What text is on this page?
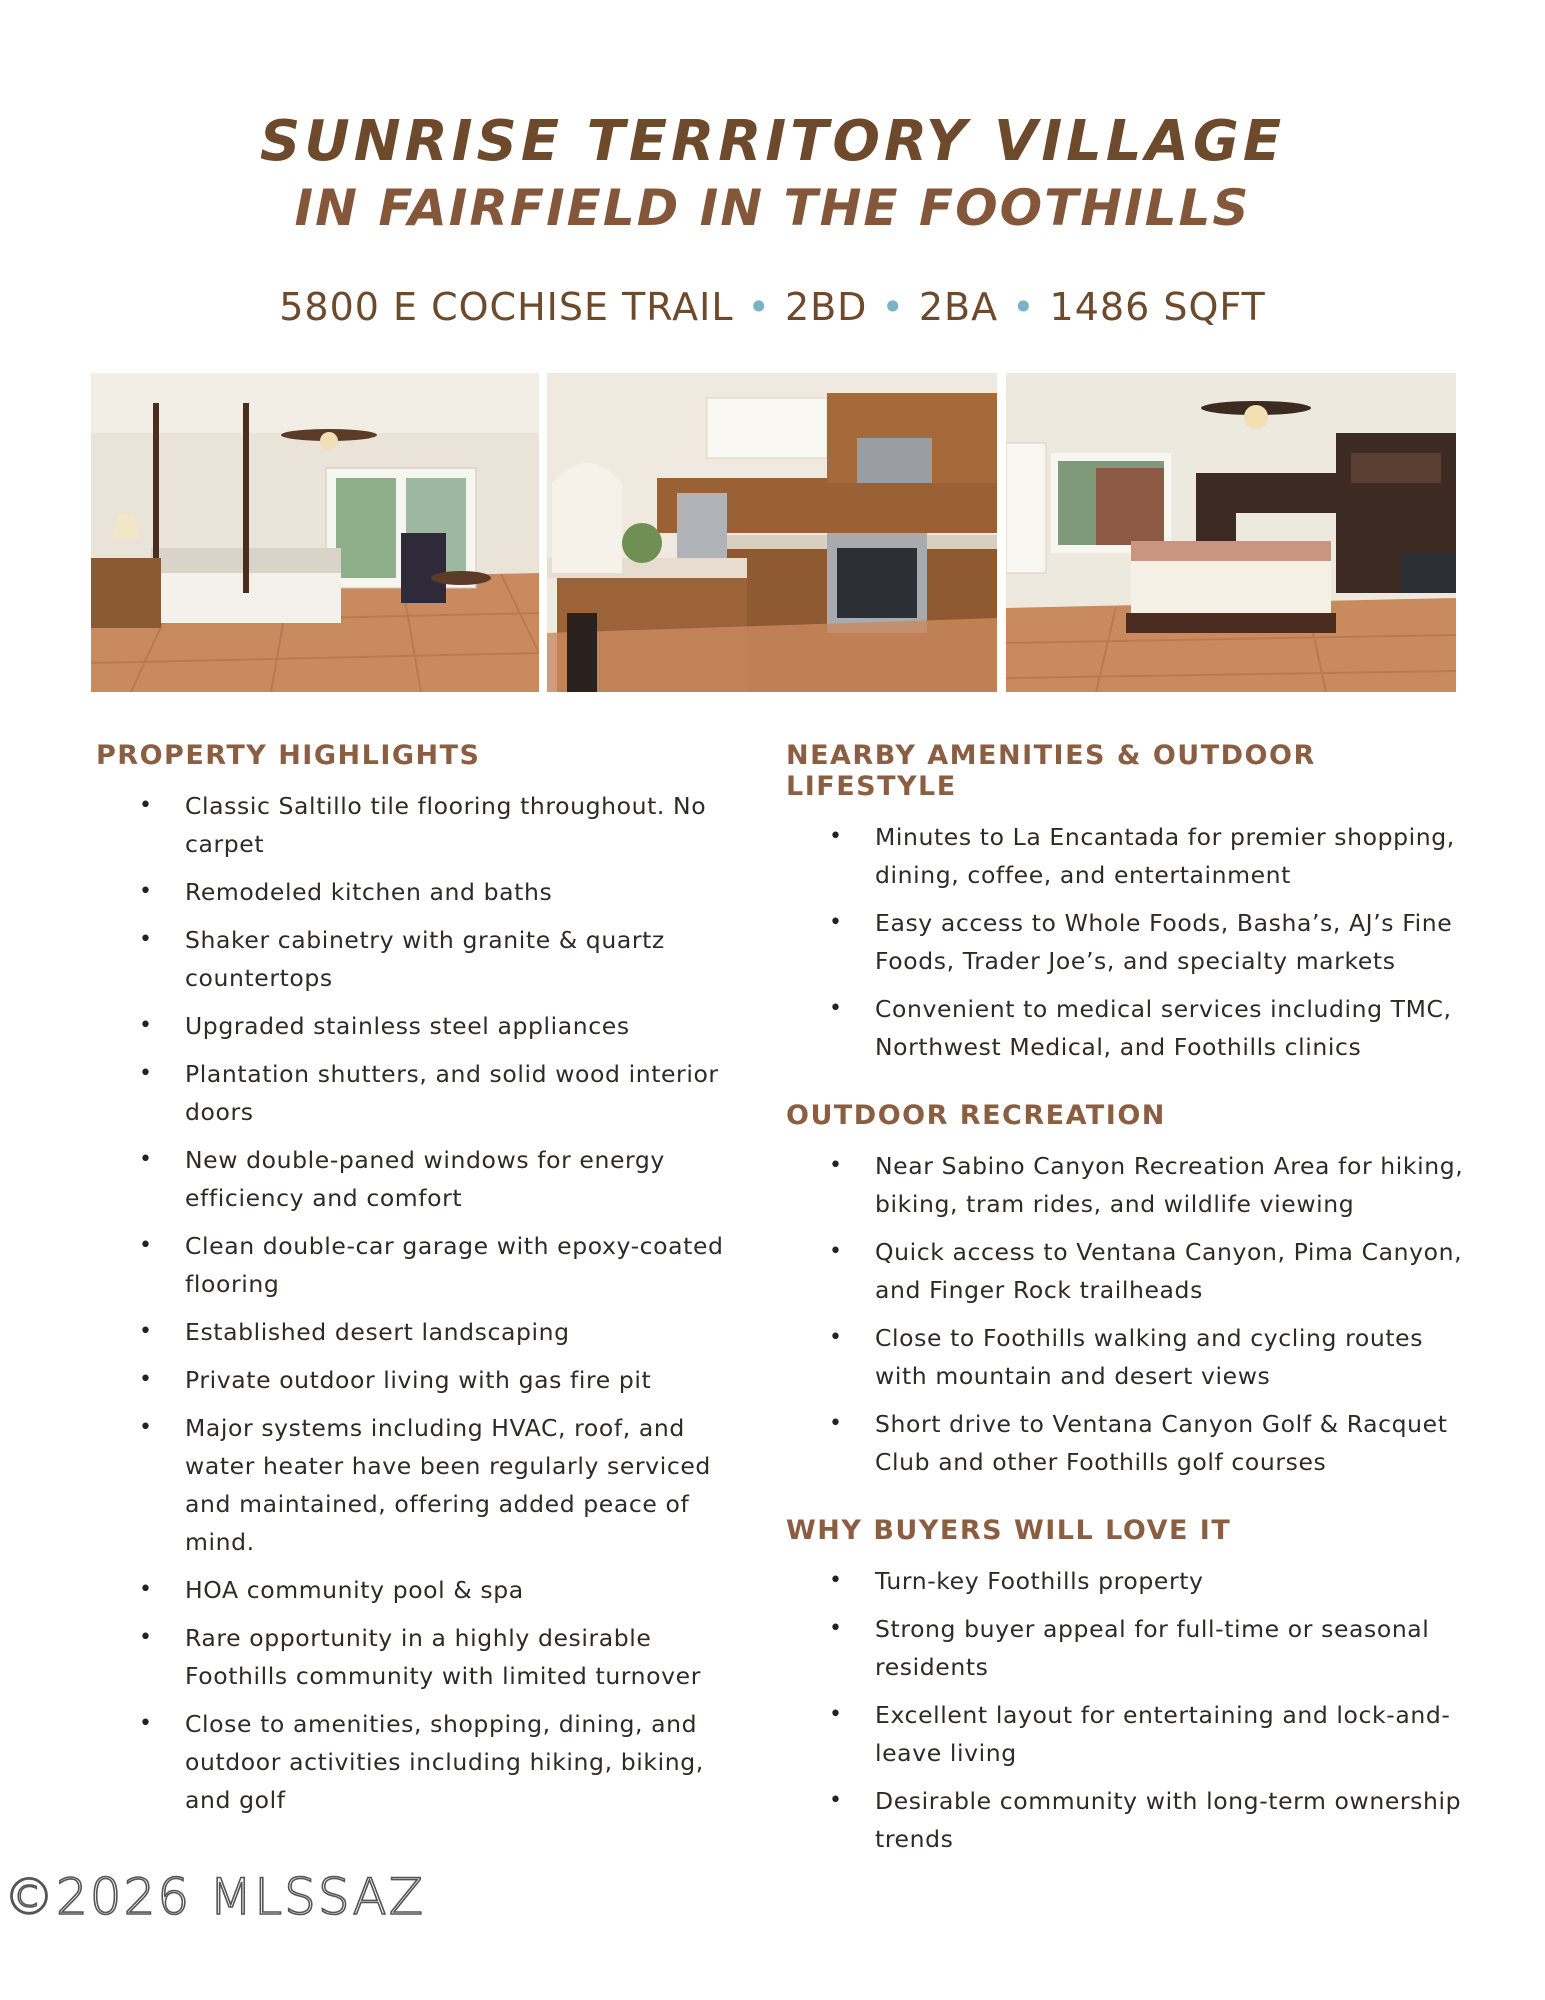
SUNRISE TERRITORY VILLAGE
IN FAIRFIELD IN THE FOOTHILLS
5800 E COCHISE TRAIL • 2BD • 2BA • 1486 SQFT
PROPERTY HIGHLIGHTS
• Classic Saltillo tile flooring throughout. No carpet
• Remodeled kitchen and baths
• Shaker cabinetry with granite & quartz countertops
• Upgraded stainless steel appliances
• Plantation shutters, and solid wood interior doors
• New double-paned windows for energy efficiency and comfort
• Clean double-car garage with epoxy-coated flooring
• Established desert landscaping
• Private outdoor living with gas fire pit
• Major systems including HVAC, roof, and water heater have been regularly serviced and maintained, offering added peace of mind.
• HOA community pool & spa
• Rare opportunity in a highly desirable Foothills community with limited turnover
• Close to amenities, shopping, dining, and outdoor activities including hiking, biking, and golf
NEARBY AMENITIES & OUTDOOR LIFESTYLE
• Minutes to La Encantada for premier shopping, dining, coffee, and entertainment
• Easy access to Whole Foods, Basha’s, AJ’s Fine Foods, Trader Joe’s, and specialty markets
• Convenient to medical services including TMC, Northwest Medical, and Foothills clinics
OUTDOOR RECREATION
• Near Sabino Canyon Recreation Area for hiking, biking, tram rides, and wildlife viewing
• Quick access to Ventana Canyon, Pima Canyon, and Finger Rock trailheads
• Close to Foothills walking and cycling routes with mountain and desert views
• Short drive to Ventana Canyon Golf & Racquet Club and other Foothills golf courses
WHY BUYERS WILL LOVE IT
• Turn-key Foothills property
• Strong buyer appeal for full-time or seasonal residents
• Excellent layout for entertaining and lock-and-leave living
• Desirable community with long-term ownership trends
©2026 MLSSAZ
